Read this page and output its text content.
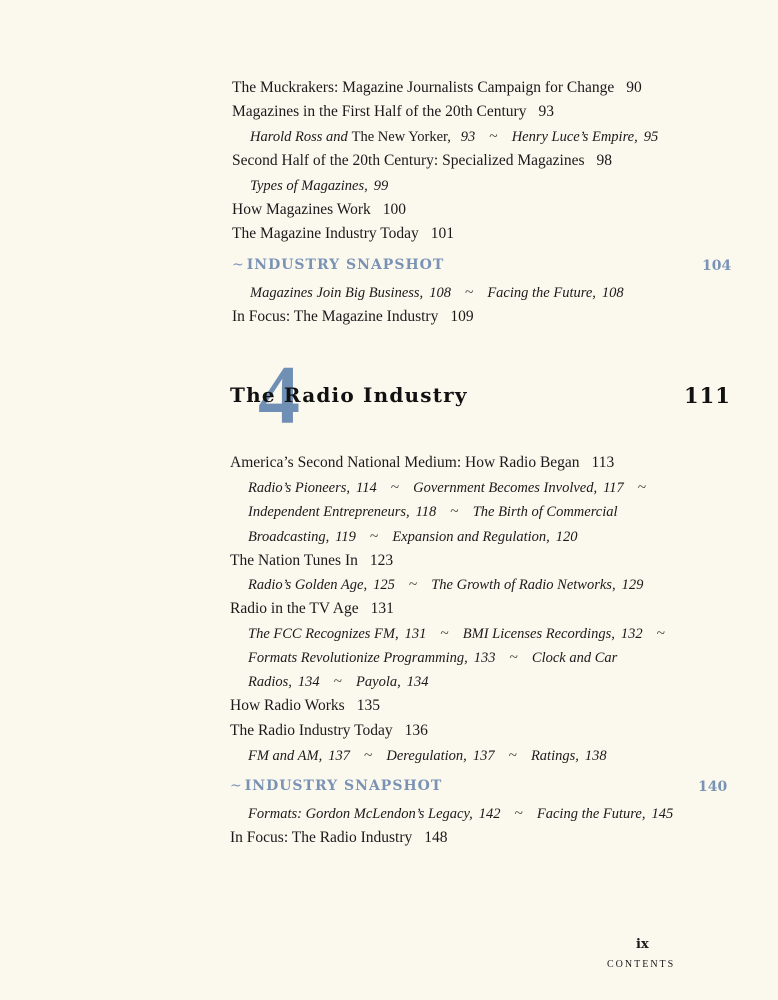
The Muckrakers: Magazine Journalists Campaign for Change 90
Magazines in the First Half of the 20th Century 93
Harold Ross and The New Yorker, 93 ~ Henry Luce’s Empire, 95
Second Half of the 20th Century: Specialized Magazines 98
Types of Magazines, 99
How Magazines Work 100
The Magazine Industry Today 101
~ INDUSTRY SNAPSHOT	104
Magazines Join Big Business, 108 ~ Facing the Future, 108
In Focus: The Magazine Industry 109
4
The Radio Industry	111
America’s Second National Medium: How Radio Began 113
Radio’s Pioneers, 114 ~ Government Becomes Involved, 117 ~
Independent Entrepreneurs, 118 ~ The Birth of Commercial
Broadcasting, 119 ~ Expansion and Regulation, 120
The Nation Tunes In 123
Radio’s Golden Age, 125 ~ The Growth of Radio Networks, 129
Radio in the TV Age 131
The FCC Recognizes FM, 131 ~ BMI Licenses Recordings, 132 ~
Formats Revolutionize Programming, 133 ~ Clock and Car
Radios, 134 ~ Payola, 134
How Radio Works 135
The Radio Industry Today 136
FM and AM, 137 ~ Deregulation, 137 ~ Ratings, 138
~ INDUSTRY SNAPSHOT	140
Formats: Gordon McLendon’s Legacy, 142 ~ Facing the Future, 145
In Focus: The Radio Industry 148
ix
CONTENTS
